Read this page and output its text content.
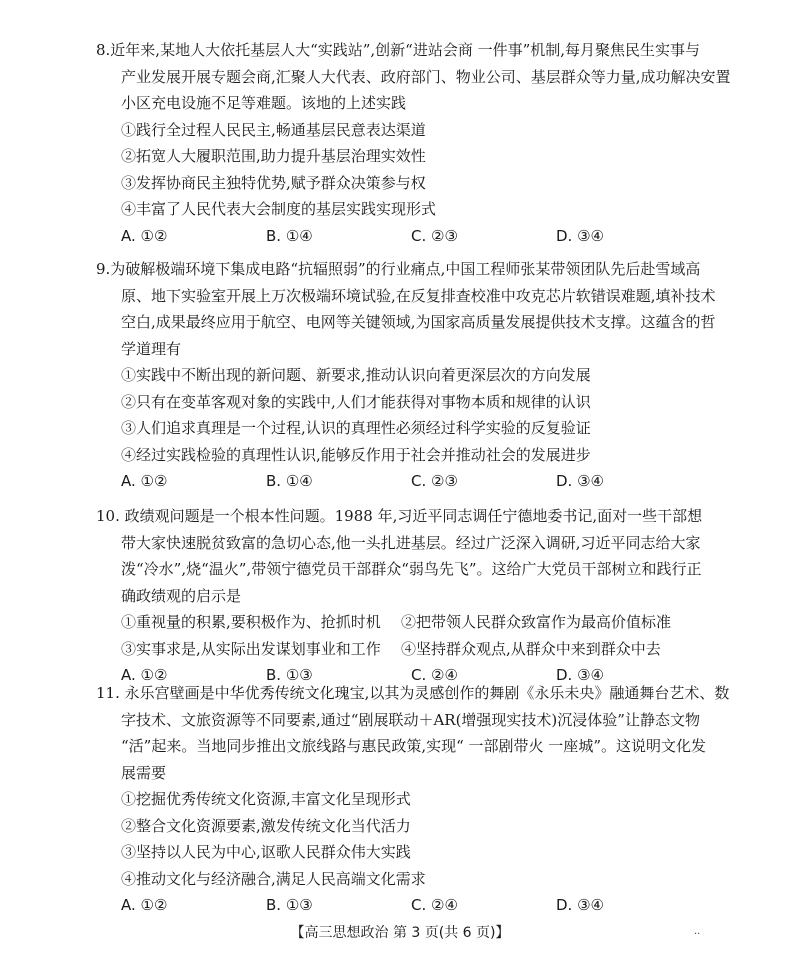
8.近年来,某地人大依托基层人大“实践站”,创新“进站会商 一件事”机制,每月聚焦民生实事与
产业发展开展专题会商,汇聚人大代表、政府部门、物业公司、基层群众等力量,成功解决安置
小区充电设施不足等难题。该地的上述实践
①践行全过程人民民主,畅通基层民意表达渠道
②拓宽人大履职范围,助力提升基层治理实效性
③发挥协商民主独特优势,赋予群众决策参与权
④丰富了人民代表大会制度的基层实践实现形式
A. ①②	B. ①④	C. ②③	D. ③④
9.为破解极端环境下集成电路“抗辐照弱”的行业痛点,中国工程师张某带领团队先后赴雪域高
原、地下实验室开展上万次极端环境试验,在反复排查校准中攻克芯片软错误难题,填补技术
空白,成果最终应用于航空、电网等关键领域,为国家高质量发展提供技术支撑。这蕴含的哲
学道理有
①实践中不断出现的新问题、新要求,推动认识向着更深层次的方向发展
②只有在变革客观对象的实践中,人们才能获得对事物本质和规律的认识
③人们追求真理是一个过程,认识的真理性必须经过科学实验的反复验证
④经过实践检验的真理性认识,能够反作用于社会并推动社会的发展进步
A. ①②	B. ①④	C. ②③	D. ③④
10. 政绩观问题是一个根本性问题。1988 年,习近平同志调任宁德地委书记,面对一些干部想
带大家快速脱贫致富的急切心态,他一头扎进基层。经过广泛深入调研,习近平同志给大家
泼“冷水”,烧“温火”,带领宁德党员干部群众“弱鸟先飞”。这给广大党员干部树立和践行正
确政绩观的启示是
①重视量的积累,要积极作为、抢抓时机	②把带领人民群众致富作为最高价值标准
③实事求是,从实际出发谋划事业和工作	④坚持群众观点,从群众中来到群众中去
A. ①②	B. ①③	C. ②④	D. ③④
11. 永乐宫壁画是中华优秀传统文化瑰宝,以其为灵感创作的舞剧《永乐未央》融通舞台艺术、数
字技术、文旅资源等不同要素,通过“剧展联动＋AR(增强现实技术)沉浸体验”让静态文物
“活”起来。当地同步推出文旅线路与惠民政策,实现“ 一部剧带火 一座城”。这说明文化发
展需要
①挖掘优秀传统文化资源,丰富文化呈现形式
②整合文化资源要素,激发传统文化当代活力
③坚持以人民为中心,讴歌人民群众伟大实践
④推动文化与经济融合,满足人民高端文化需求
A. ①②	B. ①③	C. ②④	D. ③④
【高三思想政治 第 3 页(共 6 页)】	··
